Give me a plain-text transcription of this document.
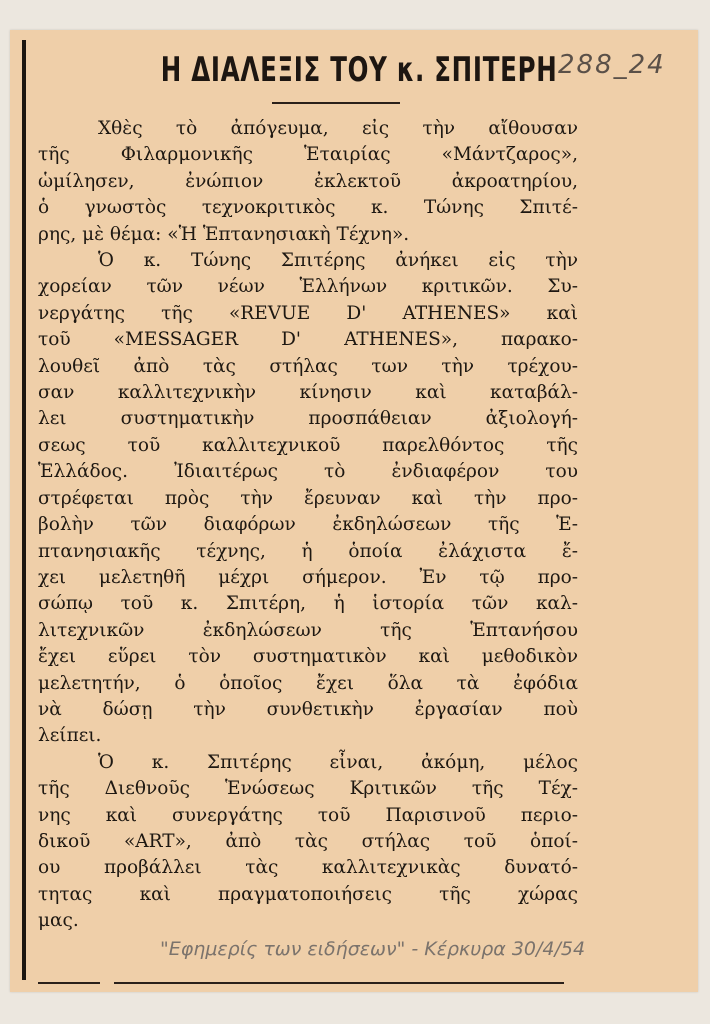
Η ΔΙΑΛΕΞΙΣ ΤΟΥ κ. ΣΠΙΤΕΡΗ 288_24
Χθὲς τὸ ἀπόγευμα, εἰς τὴν αἴθουσαν
τῆς Φιλαρμονικῆς Ἑταιρίας «Μάντζαρος»,
ὡμίλησεν, ἐνώπιον ἐκλεκτοῦ ἀκροατηρίου,
ὁ γνωστὸς τεχνοκριτικὸς κ. Τώνης Σπιτέ-
ρης, μὲ θέμα: «Ἡ Ἑπτανησιακὴ Τέχνη».
Ὁ κ. Τώνης Σπιτέρης ἀνήκει εἰς τὴν
χορείαν τῶν νέων Ἑλλήνων κριτικῶν. Συ-
νεργάτης τῆς «REVUE D' ATHENES» καὶ
τοῦ «MESSAGER D' ATHENES», παρακο-
λουθεῖ ἀπὸ τὰς στήλας των τὴν τρέχου-
σαν καλλιτεχνικὴν κίνησιν καὶ καταβάλ-
λει συστηματικὴν προσπάθειαν ἀξιολογή-
σεως τοῦ καλλιτεχνικοῦ παρελθόντος τῆς
Ἑλλάδος. Ἰδιαιτέρως τὸ ἐνδιαφέρον του
στρέφεται πρὸς τὴν ἔρευναν καὶ τὴν προ-
βολὴν τῶν διαφόρων ἐκδηλώσεων τῆς Ἑ-
πτανησιακῆς τέχνης, ἡ ὁποία ἐλάχιστα ἔ-
χει μελετηθῆ μέχρι σήμερον. Ἐν τῷ προ-
σώπῳ τοῦ κ. Σπιτέρη, ἡ ἱστορία τῶν καλ-
λιτεχνικῶν ἐκδηλώσεων τῆς Ἑπτανήσου
ἔχει εὕρει τὸν συστηματικὸν καὶ μεθοδικὸν
μελετητήν, ὁ ὁποῖος ἔχει ὅλα τὰ ἐφόδια
νὰ δώσῃ τὴν συνθετικὴν ἐργασίαν ποὺ
λείπει.
Ὁ κ. Σπιτέρης εἶναι, ἀκόμη, μέλος
τῆς Διεθνοῦς Ἑνώσεως Κριτικῶν τῆς Τέχ-
νης καὶ συνεργάτης τοῦ Παρισινοῦ περιο-
δικοῦ «ART», ἀπὸ τὰς στήλας τοῦ ὁποί-
ου προβάλλει τὰς καλλιτεχνικὰς δυνατό-
τητας καὶ πραγματοποιήσεις τῆς χώρας
μας.
"Εφημερίς των ειδήσεων" - Κέρκυρα 30/4/54
